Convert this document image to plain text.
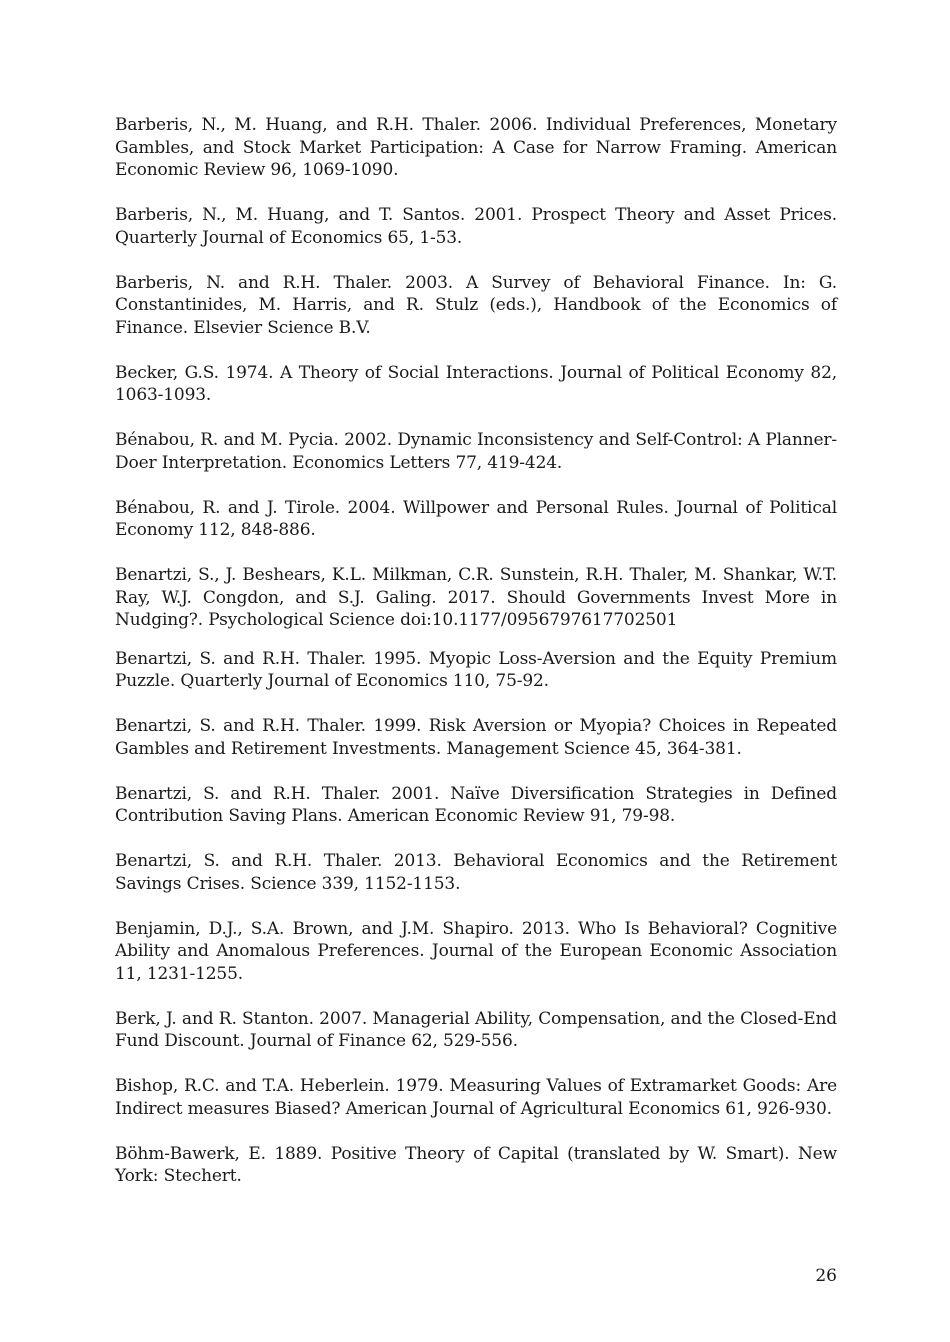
Barberis, N., M. Huang, and R.H. Thaler. 2006. Individual Preferences, Monetary Gambles, and Stock Market Participation: A Case for Narrow Framing. American Economic Review 96, 1069-1090.

Barberis, N., M. Huang, and T. Santos. 2001. Prospect Theory and Asset Prices. Quarterly Journal of Economics 65, 1-53.

Barberis, N. and R.H. Thaler. 2003. A Survey of Behavioral Finance. In: G. Constantinides, M. Harris, and R. Stulz (eds.), Handbook of the Economics of Finance. Elsevier Science B.V.

Becker, G.S. 1974. A Theory of Social Interactions. Journal of Political Economy 82, 1063-1093.

Bénabou, R. and M. Pycia. 2002. Dynamic Inconsistency and Self-Control: A Planner-Doer Interpretation. Economics Letters 77, 419-424.

Bénabou, R. and J. Tirole. 2004. Willpower and Personal Rules. Journal of Political Economy 112, 848-886.

Benartzi, S., J. Beshears, K.L. Milkman, C.R. Sunstein, R.H. Thaler, M. Shankar, W.T. Ray, W.J. Congdon, and S.J. Galing. 2017. Should Governments Invest More in Nudging?. Psychological Science doi:10.1177/0956797617702501

Benartzi, S. and R.H. Thaler. 1995. Myopic Loss-Aversion and the Equity Premium Puzzle. Quarterly Journal of Economics 110, 75-92.

Benartzi, S. and R.H. Thaler. 1999. Risk Aversion or Myopia? Choices in Repeated Gambles and Retirement Investments. Management Science 45, 364-381.

Benartzi, S. and R.H. Thaler. 2001. Naïve Diversification Strategies in Defined Contribution Saving Plans. American Economic Review 91, 79-98.

Benartzi, S. and R.H. Thaler. 2013. Behavioral Economics and the Retirement Savings Crises. Science 339, 1152-1153.

Benjamin, D.J., S.A. Brown, and J.M. Shapiro. 2013. Who Is Behavioral? Cognitive Ability and Anomalous Preferences. Journal of the European Economic Association 11, 1231-1255.

Berk, J. and R. Stanton. 2007. Managerial Ability, Compensation, and the Closed-End Fund Discount. Journal of Finance 62, 529-556.

Bishop, R.C. and T.A. Heberlein. 1979. Measuring Values of Extramarket Goods: Are Indirect measures Biased? American Journal of Agricultural Economics 61, 926-930.

Böhm-Bawerk, E. 1889. Positive Theory of Capital (translated by W. Smart). New York: Stechert.

26
